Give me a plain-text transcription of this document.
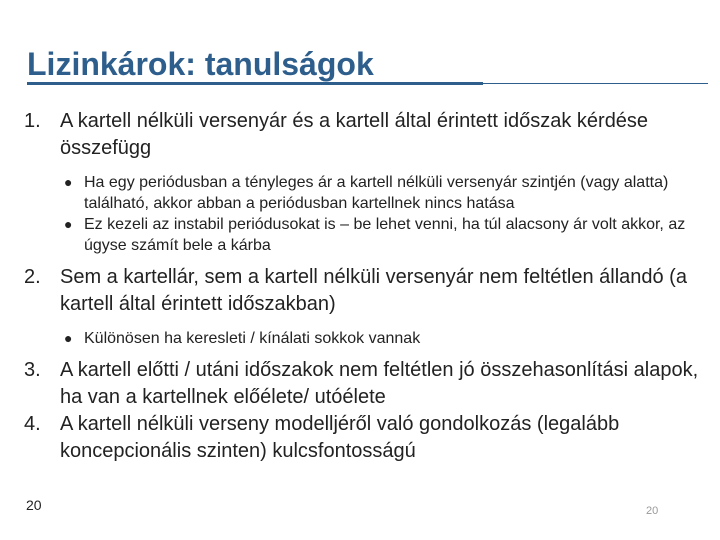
Lizinkárok: tanulságok
1. A kartell nélküli versenyár és a kartell által érintett időszak kérdése összefügg
● Ha egy periódusban a tényleges ár a kartell nélküli versenyár szintjén (vagy alatta) található, akkor abban a periódusban kartellnek nincs hatása
● Ez kezeli az instabil periódusokat is – be lehet venni, ha túl alacsony ár volt akkor, az úgyse számít bele a kárba
2. Sem a kartellár, sem a kartell nélküli versenyár nem feltétlen állandó (a kartell által érintett időszakban)
● Különösen ha keresleti / kínálati sokkok vannak
3. A kartell előtti / utáni időszakok nem feltétlen jó összehasonlítási alapok, ha van a kartellnek előélete/ utóélete
4. A kartell nélküli verseny modelljéről való gondolkozás (legalább koncepcionális szinten) kulcsfontosságú
20	20
